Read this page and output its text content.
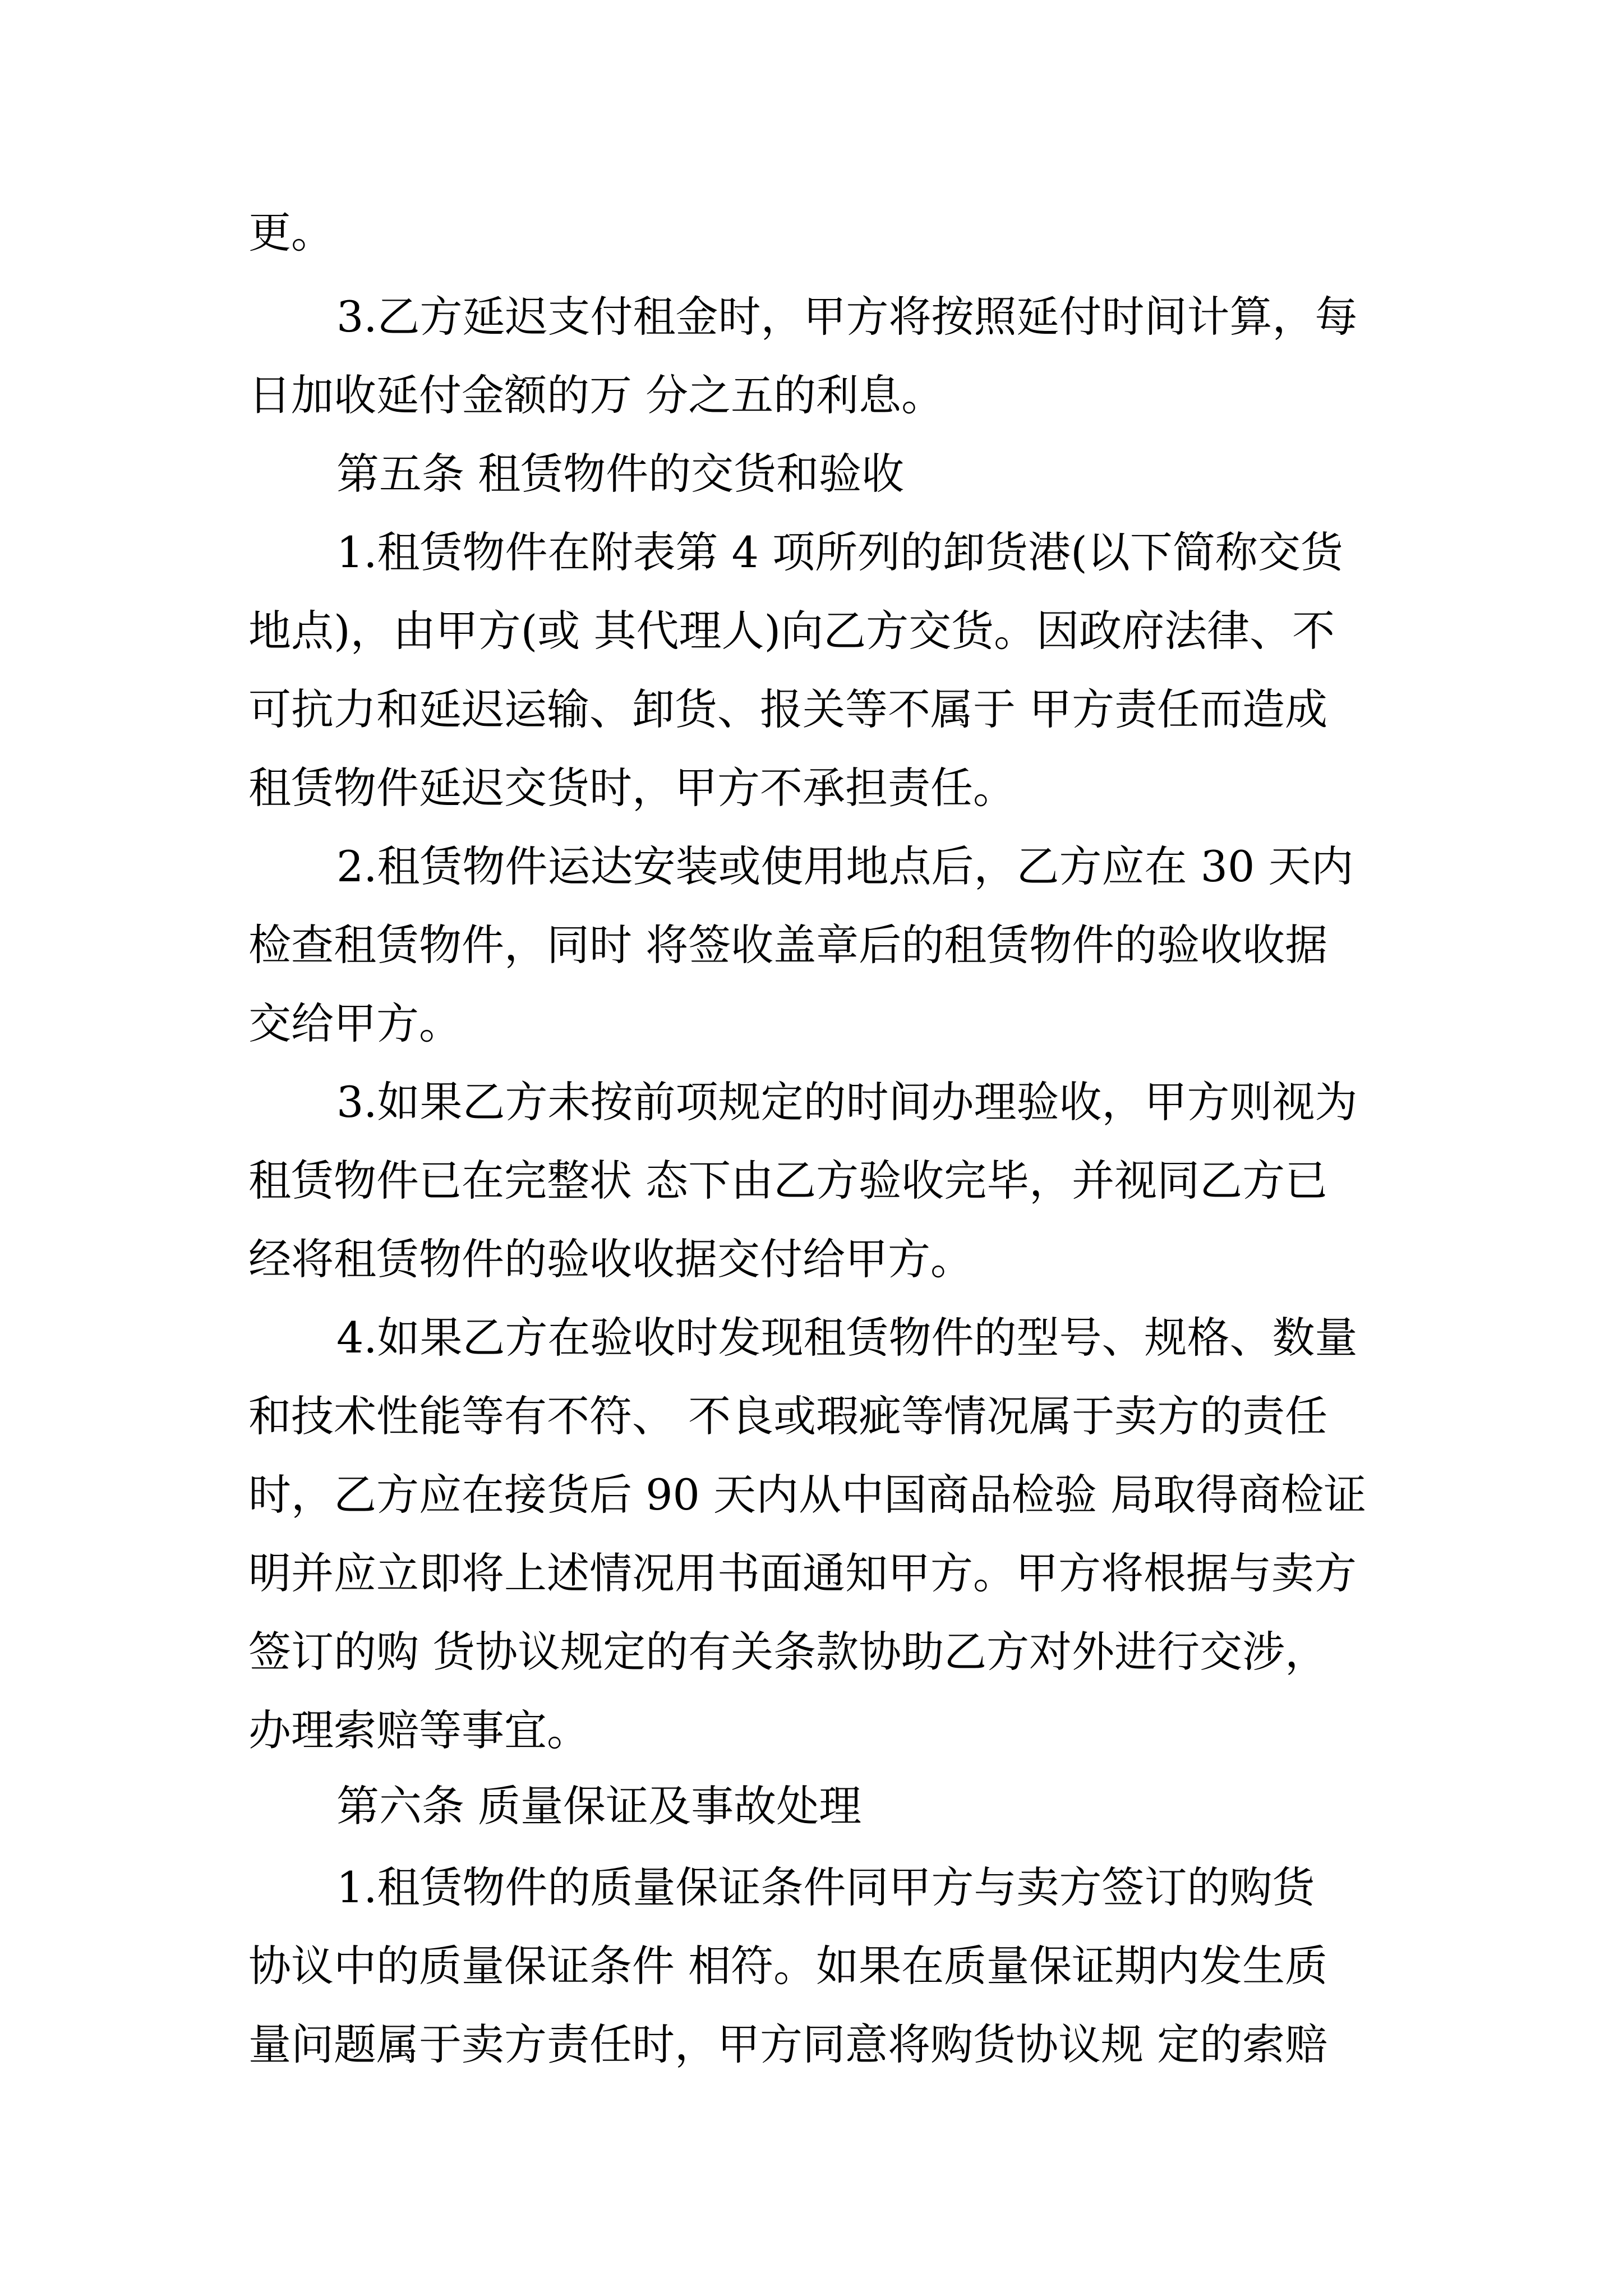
更。
3.乙方延迟支付租金时，甲方将按照延付时间计算，每
日加收延付金额的万 分之五的利息。
第五条 租赁物件的交货和验收
1.租赁物件在附表第 4 项所列的卸货港(以下简称交货
地点)，由甲方(或 其代理人)向乙方交货。因政府法律、不
可抗力和延迟运输、卸货、报关等不属于 甲方责任而造成
租赁物件延迟交货时，甲方不承担责任。
2.租赁物件运达安装或使用地点后，乙方应在 30 天内
检查租赁物件，同时 将签收盖章后的租赁物件的验收收据
交给甲方。
3.如果乙方未按前项规定的时间办理验收，甲方则视为
租赁物件已在完整状 态下由乙方验收完毕，并视同乙方已
经将租赁物件的验收收据交付给甲方。
4.如果乙方在验收时发现租赁物件的型号、规格、数量
和技术性能等有不符、 不良或瑕疵等情况属于卖方的责任
时，乙方应在接货后 90 天内从中国商品检验 局取得商检证
明并应立即将上述情况用书面通知甲方。甲方将根据与卖方
签订的购 货协议规定的有关条款协助乙方对外进行交涉，
办理索赔等事宜。
第六条 质量保证及事故处理
1.租赁物件的质量保证条件同甲方与卖方签订的购货
协议中的质量保证条件 相符。如果在质量保证期内发生质
量问题属于卖方责任时，甲方同意将购货协议规 定的索赔
